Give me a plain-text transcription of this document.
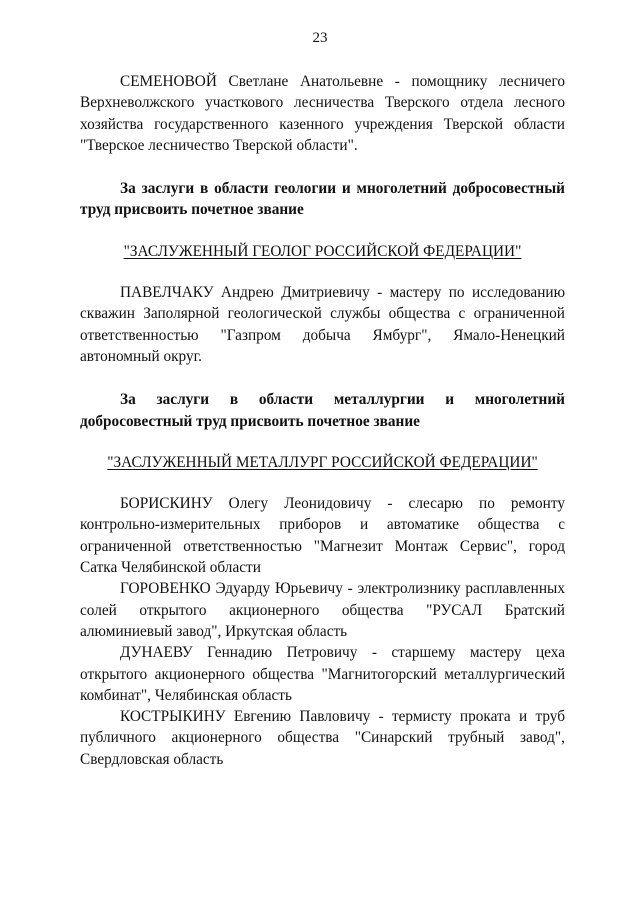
23

СЕМЕНОВОЙ Светлане Анатольевне - помощнику лесничего Верхневолжского участкового лесничества Тверского отдела лесного хозяйства государственного казенного учреждения Тверской области "Тверское лесничество Тверской области".

За заслуги в области геологии и многолетний добросовестный труд присвоить почетное звание

"ЗАСЛУЖЕННЫЙ ГЕОЛОГ РОССИЙСКОЙ ФЕДЕРАЦИИ"

ПАВЕЛЧАКУ Андрею Дмитриевичу - мастеру по исследованию скважин Заполярной геологической службы общества с ограниченной ответственностью "Газпром добыча Ямбург", Ямало-Ненецкий автономный округ.

За заслуги в области металлургии и многолетний добросовестный труд присвоить почетное звание

"ЗАСЛУЖЕННЫЙ МЕТАЛЛУРГ РОССИЙСКОЙ ФЕДЕРАЦИИ"

БОРИСКИНУ Олегу Леонидовичу - слесарю по ремонту контрольно-измерительных приборов и автоматике общества с ограниченной ответственностью "Магнезит Монтаж Сервис", город Сатка Челябинской области

ГОРОВЕНКО Эдуарду Юрьевичу - электролизнику расплавленных солей открытого акционерного общества "РУСАЛ Братский алюминиевый завод", Иркутская область

ДУНАЕВУ Геннадию Петровичу - старшему мастеру цеха открытого акционерного общества "Магнитогорский металлургический комбинат", Челябинская область

КОСТРЫКИНУ Евгению Павловичу - термисту проката и труб публичного акционерного общества "Синарский трубный завод", Свердловская область
